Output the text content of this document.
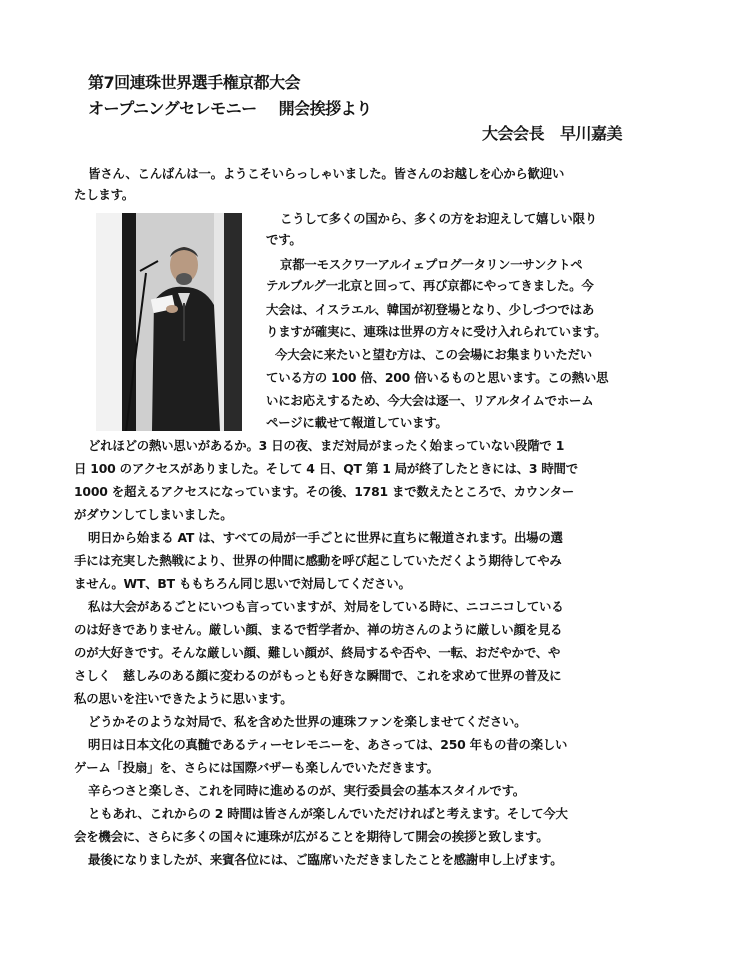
第7回連珠世界選手権京都大会
オープニングセレモニー 開会挨拶より
大会会長 早川嘉美
皆さん、こんばんは一。ようこそいらっしゃいました。皆さんのお越しを心から歓迎い
たします。
こうして多くの国から、多くの方をお迎えして嬉しい限り
です。
京都一モスクワ一アルイェプログ一タリン一サンクトペ
テルブルグ一北京と回って、再び京都にやってきました。今
大会は、イスラエル、韓国が初登場となり、少しづつではあ
りますが確実に、連珠は世界の方々に受け入れられています。
今大会に来たいと望む方は、この会場にお集まりいただい
ている方の 100 倍、200 倍いるものと思います。この熱い思
いにお応えするため、今大会は逐一、リアルタイムでホーム
ページに載せて報道しています。
どれほどの熱い思いがあるか。3 日の夜、まだ対局がまったく始まっていない段階で 1
日 100 のアクセスがありました。そして 4 日、QT 第 1 局が終了したときには、3 時間で
1000 を超えるアクセスになっています。その後、1781 まで数えたところで、カウンター
がダウンしてしまいました。
明日から始まる AT は、すべての局が一手ごとに世界に直ちに報道されます。出場の選
手には充実した熱戦により、世界の仲間に感動を呼び起こしていただくよう期待してやみ
ません。WT、BT ももちろん同じ思いで対局してください。
私は大会があるごとにいつも言っていますが、対局をしている時に、ニコニコしている
のは好きでありません。厳しい顔、まるで哲学者か、禅の坊さんのように厳しい顔を見る
のが大好きです。そんな厳しい顔、難しい顔が、終局するや否や、一転、おだやかで、や
さしく　慈しみのある顔に変わるのがもっとも好きな瞬間で、これを求めて世界の普及に
私の思いを注いできたように思います。
どうかそのような対局で、私を含めた世界の連珠ファンを楽しませてください。
明日は日本文化の真髄であるティーセレモニーを、あさっては、250 年もの昔の楽しい
ゲーム「投扇」を、さらには国際バザーも楽しんでいただきます。
辛らつさと楽しさ、これを同時に進めるのが、実行委員会の基本スタイルです。
ともあれ、これからの 2 時間は皆さんが楽しんでいただければと考えます。そして今大
会を機会に、さらに多くの国々に連珠が広がることを期待して開会の挨拶と致します。
最後になりましたが、来賓各位には、ご臨席いただきましたことを感謝申し上げます。
